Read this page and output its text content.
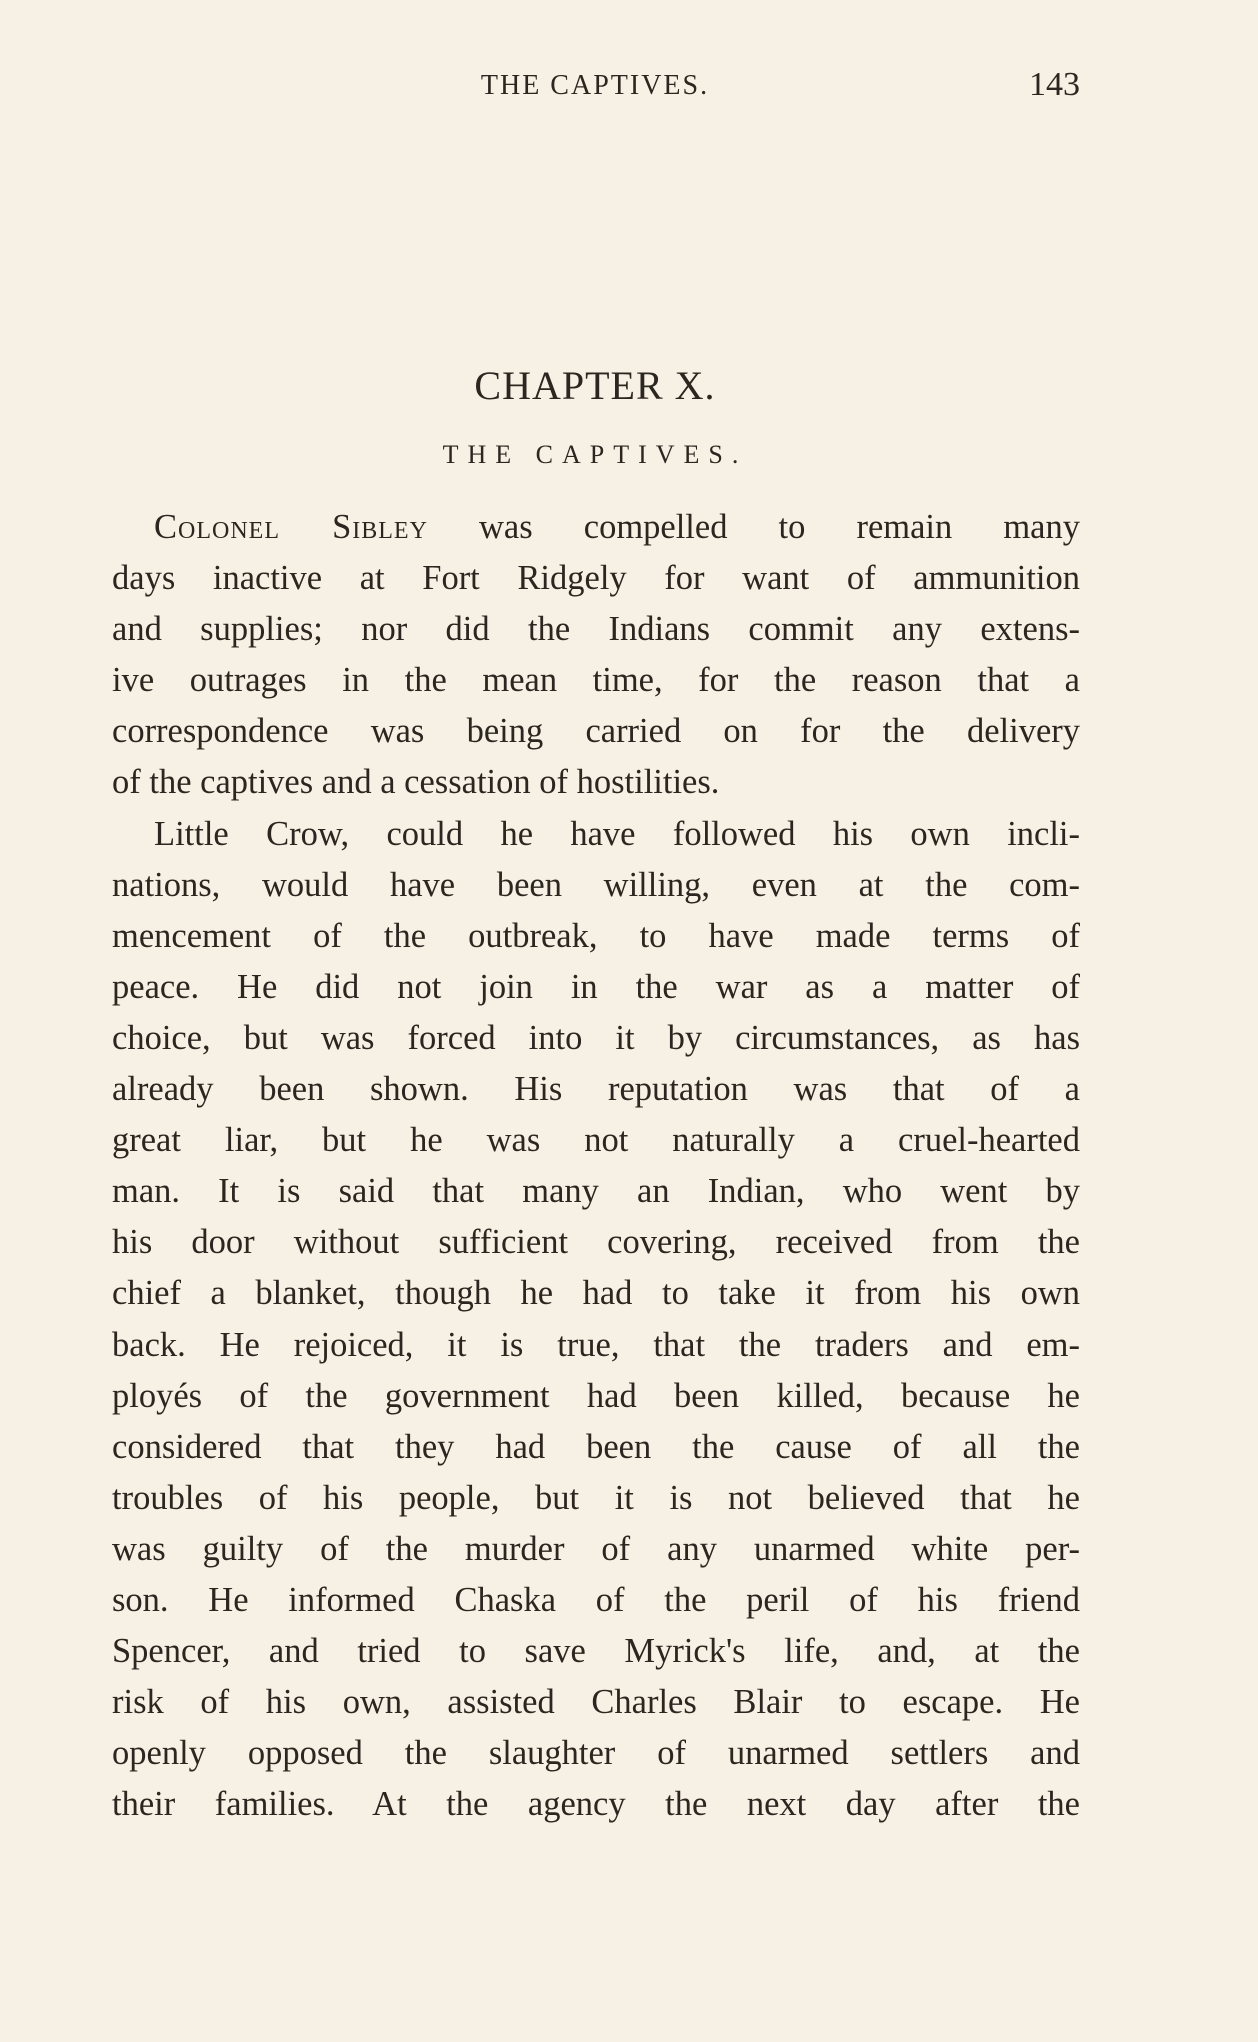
THE CAPTIVES.	143
CHAPTER X.
THE CAPTIVES.
Colonel Sibley was compelled to remain many
days inactive at Fort Ridgely for want of ammunition
and supplies; nor did the Indians commit any extens-
ive outrages in the mean time, for the reason that a
correspondence was being carried on for the delivery
of the captives and a cessation of hostilities.
Little Crow, could he have followed his own incli-
nations, would have been willing, even at the com-
mencement of the outbreak, to have made terms of
peace. He did not join in the war as a matter of
choice, but was forced into it by circumstances, as has
already been shown. His reputation was that of a
great liar, but he was not naturally a cruel-hearted
man. It is said that many an Indian, who went by
his door without sufficient covering, received from the
chief a blanket, though he had to take it from his own
back. He rejoiced, it is true, that the traders and em-
ployés of the government had been killed, because he
considered that they had been the cause of all the
troubles of his people, but it is not believed that he
was guilty of the murder of any unarmed white per-
son. He informed Chaska of the peril of his friend
Spencer, and tried to save Myrick's life, and, at the
risk of his own, assisted Charles Blair to escape. He
openly opposed the slaughter of unarmed settlers and
their families. At the agency the next day after the
